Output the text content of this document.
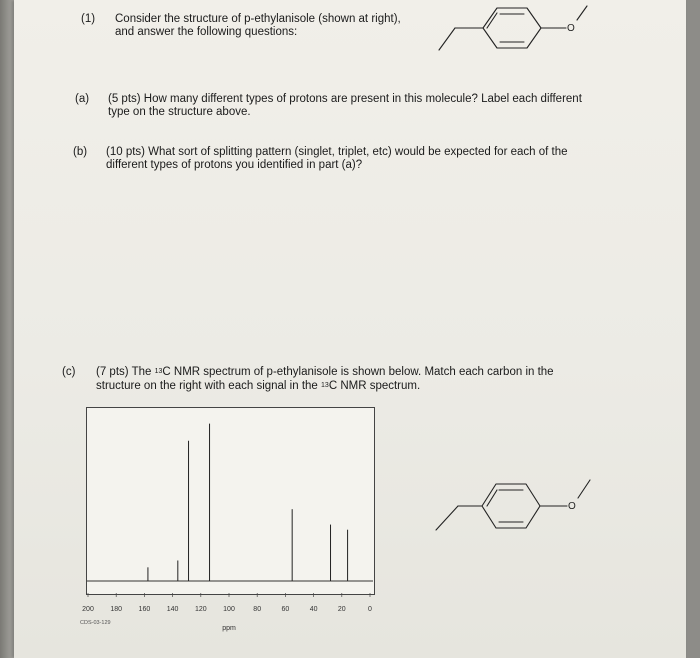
(1) Consider the structure of p-ethylanisole (shown at right),
and answer the following questions:	O
(a) (5 pts) How many different types of protons are present in this molecule? Label each different
type on the structure above.
(b) (10 pts) What sort of splitting pattern (singlet, triplet, etc) would be expected for each of the
different types of protons you identified in part (a)?
(c) (7 pts) The $^{13}$C NMR spectrum of p-ethylanisole is shown below. Match each carbon in the
structure on the right with each signal in the $^{13}$C NMR spectrum.
200 180 160 140 120 100	80	60	40	20	0
ppm
CDS-03-129
O
